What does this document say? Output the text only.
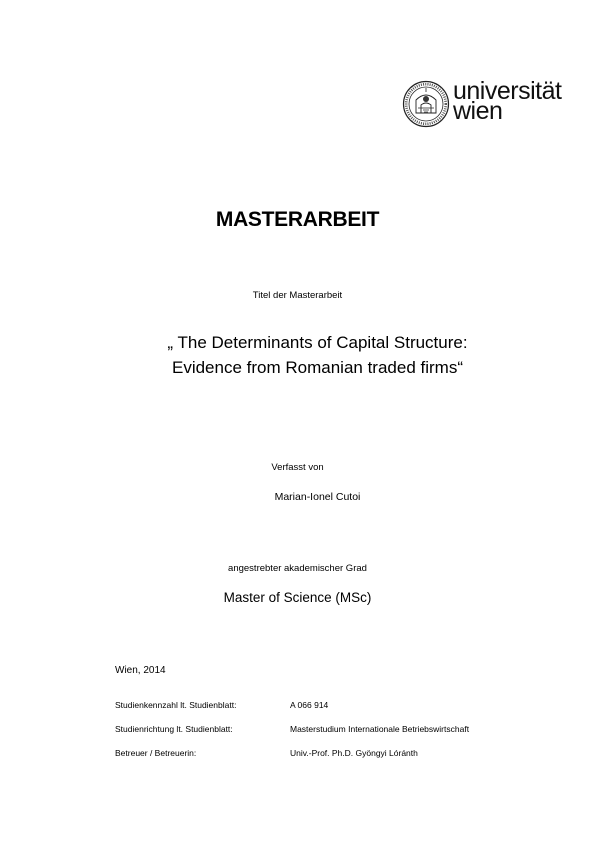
universität
wien
MASTERARBEIT
Titel der Masterarbeit
„ The Determinants of Capital Structure:
Evidence from Romanian traded firms“
Verfasst von
Marian-Ionel Cutoi
angestrebter akademischer Grad
Master of Science (MSc)
Wien, 2014
Studienkennzahl lt. Studienblatt:	A 066 914
Studienrichtung lt. Studienblatt:	Masterstudium Internationale Betriebswirtschaft
Betreuer / Betreuerin:	Univ.-Prof. Ph.D. Gyöngyi Lóránth
